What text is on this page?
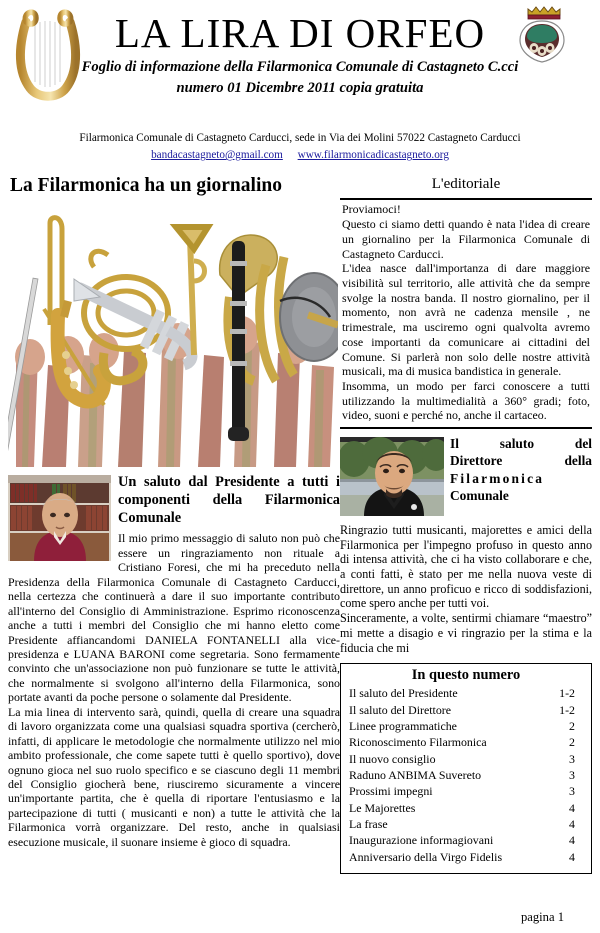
LA LIRA DI ORFEO
Foglio di informazione della Filarmonica Comunale di Castagneto C.cci
numero 01 Dicembre 2011 copia gratuita
Filarmonica Comunale di Castagneto Carducci, sede in Via dei Molini 57022 Castagneto Carducci
bandacastagneto@gmail.com www.filarmonicadicastagneto.org
La Filarmonica ha un giornalino
Un saluto dal Presidente a tutti i componenti della Filarmonica Comunale

Il mio primo messaggio di saluto non può che essere un ringraziamento non rituale a Cristiano Foresi, che mi ha preceduto nella Presidenza della Filarmonica Comunale di Castagneto Carducci, nella certezza che continuerà a dare il suo importante contributo all'interno del Consiglio di Amministrazione. Esprimo riconoscenza anche a tutti i membri del Consiglio che mi hanno eletto come Presidente affiancandomi DANIELA FONTANELLI alla vice-presidenza e LUANA BARONI come segretaria. Sono fermamente convinto che un'associazione non può funzionare se tutte le attività, che normalmente si svolgono all'interno della Filarmonica, sono portate avanti da poche persone o solamente dal Presidente.

La mia linea di intervento sarà, quindi, quella di creare una squadra di lavoro organizzata come una qualsiasi squadra sportiva (cercherò, infatti, di applicare le metodologie che normalmente utilizzo nel mio ambito professionale, che come sapete tutti è quello sportivo), dove ognuno gioca nel suo ruolo specifico e se ciascuno degli 11 membri del Consiglio giocherà bene, riusciremo sicuramente a vincere un'importante partita, che è quella di riportare l'entusiasmo e la partecipazione di tutti ( musicanti e non) a tutte le attività che la Filarmonica vorrà organizzare. Del resto, anche in qualsiasi esecuzione musicale, il suonare insieme è gioco di squadra.

L'editoriale

Proviamoci!

Questo ci siamo detti quando è nata l'idea di creare un giornalino per la Filarmonica Comunale di Castagneto Carducci.

L'idea nasce dall'importanza di dare maggiore visibilità sul territorio, alle attività che da sempre svolge la nostra banda. Il nostro giornalino, per il momento, non avrà ne cadenza mensile , ne trimestrale, ma usciremo ogni qualvolta avremo cose importanti da comunicare ai cittadini del Comune. Si parlerà non solo delle nostre attività musicali, ma di musica bandistica in generale.

Insomma, un modo per farci conoscere a tutti utilizzando la multimedialità a 360° gradi; foto, video, suoni e perché no, anche il cartaceo.

Il saluto del
Direttore della
Filarmonica
Comunale

Ringrazio tutti musicanti, majorettes e amici della Filarmonica per l'impegno profuso in questo anno di intensa attività, che ci ha visto collaborare e che, a conti fatti, è stato per me nella nuova veste di direttore, un anno proficuo e ricco di soddisfazioni, come spero anche per tutti voi.

Sinceramente, a volte, sentirmi chiamare “maestro” mi mette a disagio e vi ringrazio per la stima e la fiducia che mi

In questo numero
Il saluto del Presidente	1-2
Il saluto del Direttore	1-2
Linee programmatiche	2
Riconoscimento Filarmonica	2
Il nuovo consiglio	3
Raduno ANBIMA Suvereto	3
Prossimi impegni	3
Le Majorettes	4
La frase	4
Inaugurazione informagiovani	4
Anniversario della Virgo Fidelis	4
pagina 1
